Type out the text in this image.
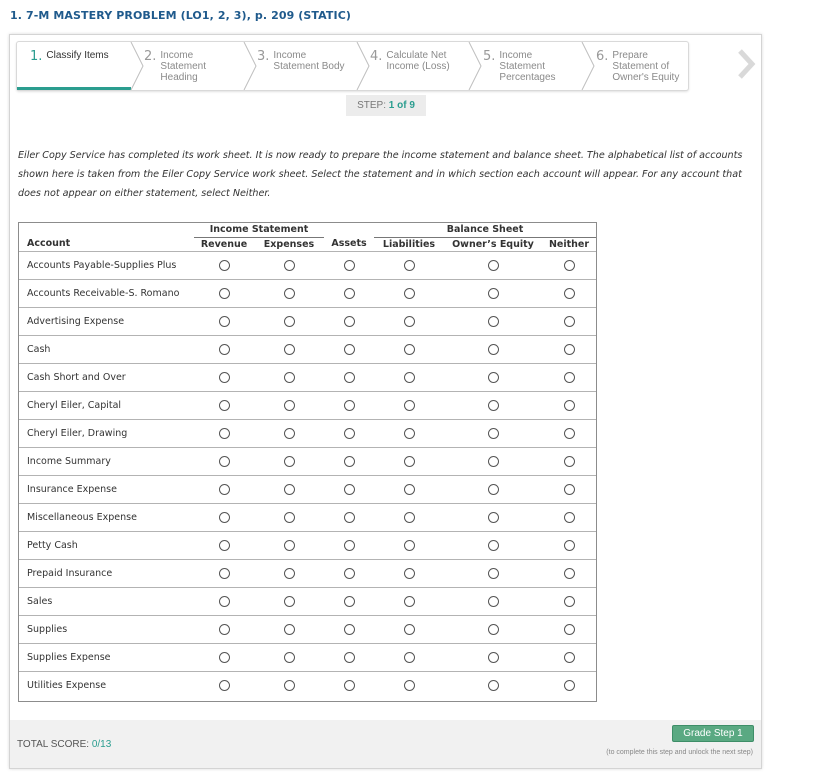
1. 7-M MASTERY PROBLEM (LO1, 2, 3), p. 209 (STATIC)
1. Classify Items	2. Income Statement Heading
3. Income Statement Body
4. Calculate Net Income (Loss)
5. Income Statement Percentages
6. Prepare Statement of Owner's Equity
STEP: 1 of 9
Eiler Copy Service has completed its work sheet. It is now ready to prepare the income statement and balance sheet. The alphabetical list of accounts shown here is taken from the Eiler Copy Service work sheet. Select the statement and in which section each account will appear. For any account that does not appear on either statement, select Neither.
	Income Statement			Balance Sheet			
Account	Revenue	Expenses	Assets	Liabilities	Owner’s Equity	Neither	
Accounts Payable-Supplies Plus							
Accounts Receivable-S. Romano							
Advertising Expense							
Cash							
Cash Short and Over							
Cheryl Eiler, Capital							
Cheryl Eiler, Drawing							
Income Summary							
Insurance Expense							
Miscellaneous Expense							
Petty Cash							
Prepaid Insurance							
Sales							
Supplies							
Supplies Expense							
Utilities Expense							
TOTAL SCORE: 0/13
Grade Step 1
(to complete this step and unlock the next step)
